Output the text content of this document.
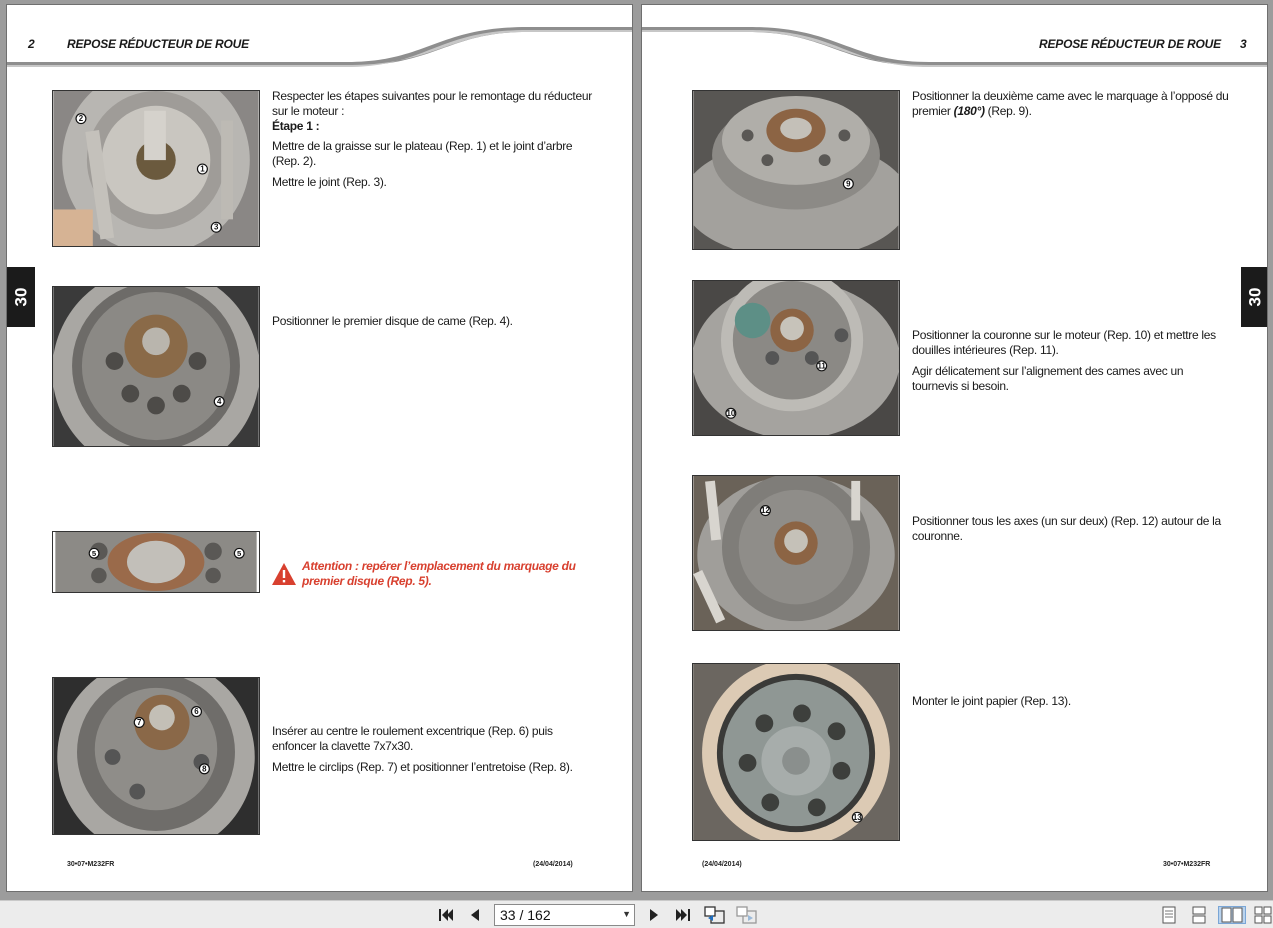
2	REPOSE RÉDUCTEUR DE ROUE
30
2
1
3

Respecter les étapes suivantes pour le remontage du réducteur sur le moteur :

Étape 1 :

Mettre de la graisse sur le plateau (Rep. 1) et le joint d’arbre (Rep. 2).

Mettre le joint (Rep. 3).

4

Positionner le premier disque de came (Rep. 4).

5	5
Attention : repérer l’emplacement du marquage du premier disque (Rep. 5).
6
7
8

Insérer au centre le roulement excentrique (Rep. 6) puis enfoncer la clavette 7x7x30.

Mettre le circlips (Rep. 7) et positionner l’entretoise (Rep. 8).

30•07•M232FR	(24/04/2014)
REPOSE RÉDUCTEUR DE ROUE 3
30
9

Positionner la deuxième came avec le marquage à l’opposé du premier (180°) (Rep. 9).

11
10

Positionner la couronne sur le moteur (Rep. 10) et mettre les douilles intérieures (Rep. 11).

Agir délicatement sur l’alignement des cames avec un tournevis si besoin.

12

Positionner tous les axes (un sur deux) (Rep. 12) autour de la couronne.

13

Monter le joint papier (Rep. 13).

(24/04/2014)	30•07•M232FR
33 / 162	▼
